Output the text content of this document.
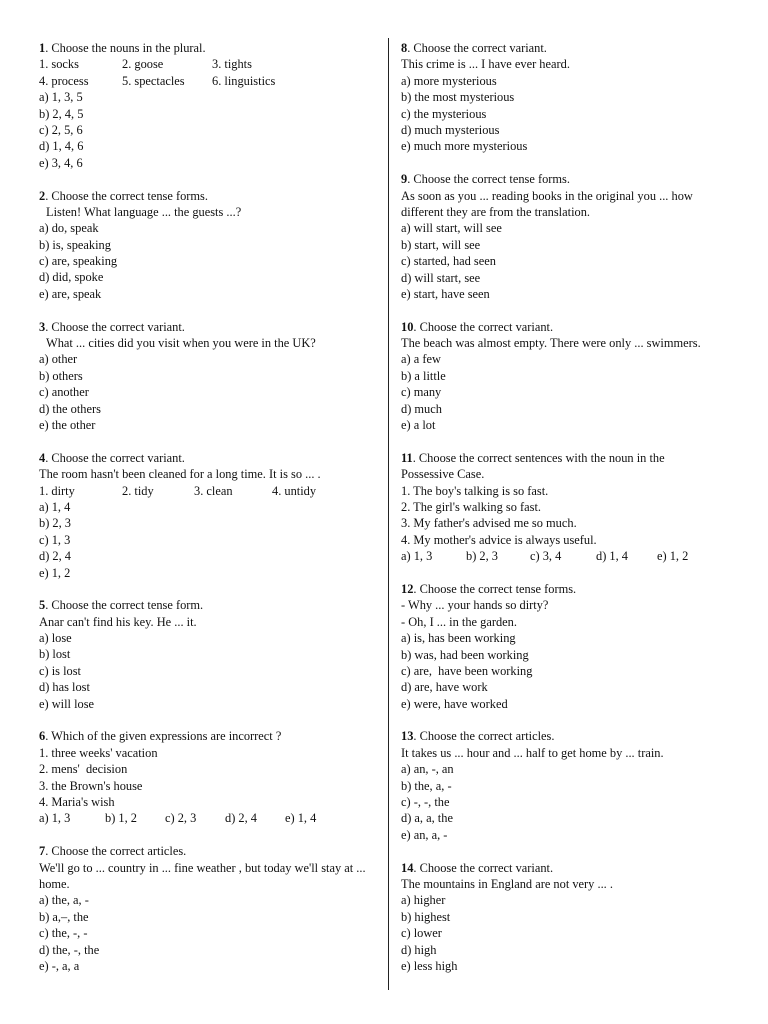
1. Choose the nouns in the plural.
1. socks	2. goose	3. tights
4. process	5. spectacles	6. linguistics
a) 1, 3, 5
b) 2, 4, 5
c) 2, 5, 6
d) 1, 4, 6
e) 3, 4, 6
2. Choose the correct tense forms.
Listen! What language ... the guests ...?
a) do, speak
b) is, speaking
c) are, speaking
d) did, spoke
e) are, speak
3. Choose the correct variant.
What ... cities did you visit when you were in the UK?
a) other
b) others
c) another
d) the others
e) the other
4. Choose the correct variant.
The room hasn't been cleaned for a long time. It is so ... .
1. dirty	2. tidy	3. clean	4. untidy
a) 1, 4
b) 2, 3
c) 1, 3
d) 2, 4
e) 1, 2
5. Choose the correct tense form.
Anar can't find his key. He ... it.
a) lose
b) lost
c) is lost
d) has lost
e) will lose
6. Which of the given expressions are incorrect ?
1. three weeks' vacation
2. mens'  decision
3. the Brown's house
4. Maria's wish
a) 1, 3	b) 1, 2	c) 2, 3	d) 2, 4	e) 1, 4
7. Choose the correct articles.
We'll go to ... country in ... fine weather , but today we'll stay at ... home.
a) the, a, -
b) a,–, the
c) the, -, -
d) the, -, the
e) -, a, a
8. Choose the correct variant.
This crime is ... I have ever heard.
a) more mysterious
b) the most mysterious
c) the mysterious
d) much mysterious
e) much more mysterious
9. Choose the correct tense forms.
As soon as you ... reading books in the original you ... how different they are from the translation.
a) will start, will see
b) start, will see
c) started, had seen
d) will start, see
e) start, have seen
10. Choose the correct variant.
The beach was almost empty. There were only ... swimmers.
a) a few
b) a little
c) many
d) much
e) a lot
11. Choose the correct sentences with the noun in the Possessive Case.
1. The boy's talking is so fast.
2. The girl's walking so fast.
3. My father's advised me so much.
4. My mother's advice is always useful.
a) 1, 3	b) 2, 3	c) 3, 4	d) 1, 4	e) 1, 2
12. Choose the correct tense forms.
- Why ... your hands so dirty?
- Oh, I ... in the garden.
a) is, has been working
b) was, had been working
c) are,  have been working
d) are, have work
e) were, have worked
13. Choose the correct articles.
It takes us ... hour and ... half to get home by ... train.
a) an, -, an
b) the, a, -
c) -, -, the
d) a, a, the
e) an, a, -
14. Choose the correct variant.
The mountains in England are not very ... .
a) higher
b) highest
c) lower
d) high
e) less high
